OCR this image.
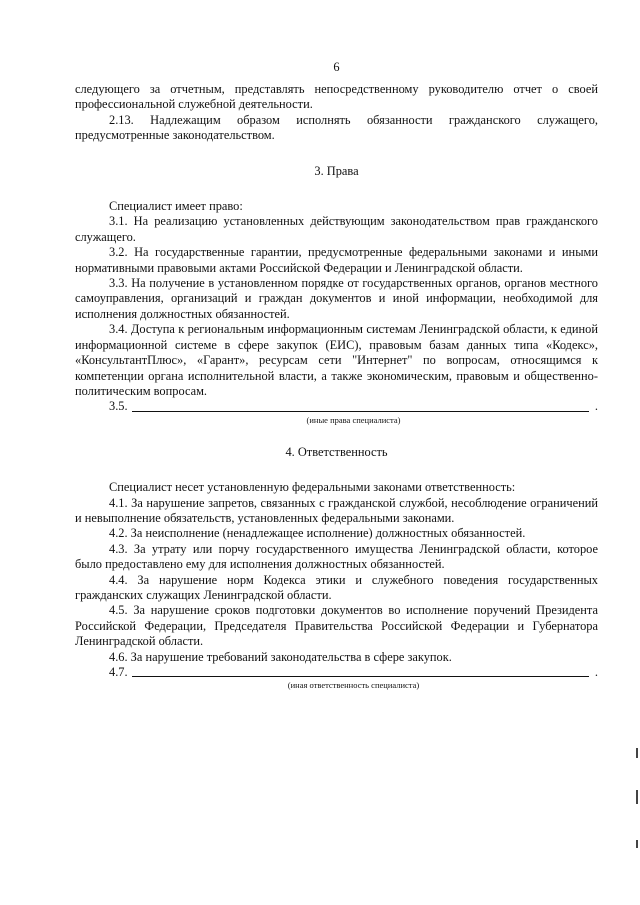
6

следующего за отчетным, представлять непосредственному руководителю отчет о своей профессиональной служебной деятельности.

2.13. Надлежащим образом исполнять обязанности гражданского служащего, предусмотренные законодательством.

3. Права

Специалист имеет право:

3.1. На реализацию установленных действующим законодательством прав гражданского служащего.

3.2. На государственные гарантии, предусмотренные федеральными законами и иными нормативными правовыми актами Российской Федерации и Ленинградской области.

3.3. На получение в установленном порядке от государственных органов, органов местного самоуправления, организаций и граждан документов и иной информации, необходимой для исполнения должностных обязанностей.

3.4. Доступа к региональным информационным системам Ленинградской области, к единой информационной системе в сфере закупок (ЕИС), правовым базам данных типа «Кодекс», «КонсультантПлюс», «Гарант», ресурсам сети "Интернет" по вопросам, относящимся к компетенции органа исполнительной власти, а также экономическим, правовым и общественно-политическим вопросам.

3.5.	.
(иные права специалиста)

4. Ответственность

Специалист несет установленную федеральными законами ответственность:

4.1. За нарушение запретов, связанных с гражданской службой, несоблюдение ограничений и невыполнение обязательств, установленных федеральными законами.

4.2. За неисполнение (ненадлежащее исполнение) должностных обязанностей.

4.3. За утрату или порчу государственного имущества Ленинградской области, которое было предоставлено ему для исполнения должностных обязанностей.

4.4. За нарушение норм Кодекса этики и служебного поведения государственных гражданских служащих Ленинградской области.

4.5. За нарушение сроков подготовки документов во исполнение поручений Президента Российской Федерации, Председателя Правительства Российской Федерации и Губернатора Ленинградской области.

4.6. За нарушение требований законодательства в сфере закупок.

4.7.	.
(иная ответственность специалиста)
